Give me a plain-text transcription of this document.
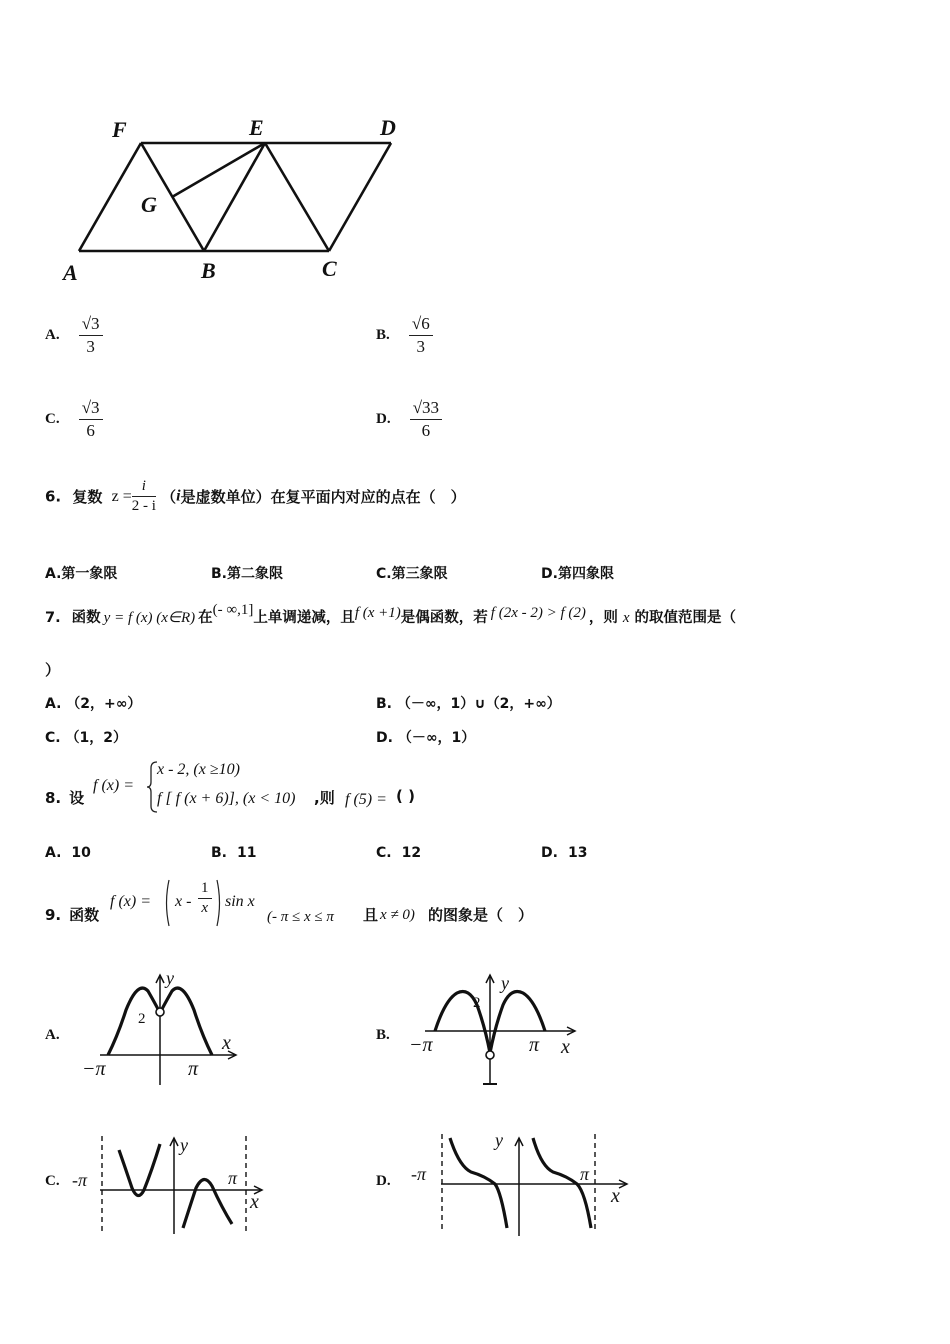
F	E	D
G
A	B	C
A. $\frac{√3}{3}$	B. $\frac{√6}{3}$
C. $\frac{√3}{6}$	D. $\frac{√33}{6}$
6. 复数 $z = \frac{i}{2 - i} (i$是虚数单位）在复平面内对应的点在（　）
A.第一象限	B.第二象限	C.第三象限	D.第四象限
7. 函数 y = f (x) (x∈R) 在(- ∞,1]上单调递减，且f (x +1)是偶函数，若 f (2x - 2) > f (2) ，则 x 的取值范围是（
）
A. （2，+∞）	B. （－∞，1）∪（2，+∞）
C. （1，2）	D. （－∞，1）
8. 设
f (x) =
x - 2, (x ≥10)
f [ f (x + 6)], (x < 10) ,则 f (5) = ( )
A. 10	B. 11	C. 12	D. 13
9. 函数
f $(x) = x - \frac{1}{x}$ sin x
(- π ≤ x ≤ π 且 x ≠ 0) 的图象是（　）
A.
2
y
x
−π	π
B.
2
y
x
−π	π
C. -π
y
π
x
D. -π
y
π
x
